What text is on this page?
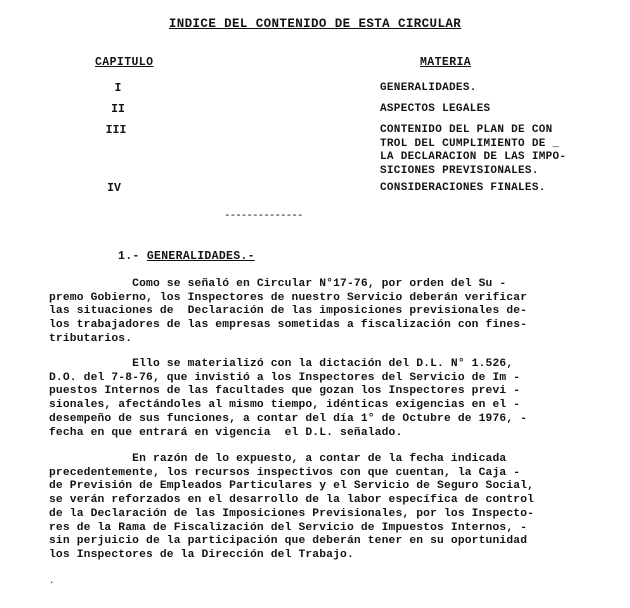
INDICE DEL CONTENIDO DE ESTA CIRCULAR
CAPITULO	MATERIA
I	GENERALIDADES.
II	ASPECTOS LEGALES
III	CONTENIDO DEL PLAN DE CON
TROL DEL CUMPLIMIENTO DE _
LA DECLARACION DE LAS IMPO-
SICIONES PREVISIONALES.
IV	CONSIDERACIONES FINALES.
--------------
1.- GENERALIDADES.-
Como se señaló en Circular N°17-76, por orden del Su -
premo Gobierno, los Inspectores de nuestro Servicio deberán verificar
las situaciones de  Declaración de las imposiciones previsionales de-
los trabajadores de las empresas sometidas a fiscalización con fines-
tributarios.
Ello se materializó con la dictación del D.L. N° 1.526,
D.O. del 7-8-76, que invistió a los Inspectores del Servicio de Im -
puestos Internos de las facultades que gozan los Inspectores previ -
sionales, afectándoles al mismo tiempo, idénticas exigencias en el -
desempeño de sus funciones, a contar del día 1° de Octubre de 1976, -
fecha en que entrará en vigencia  el D.L. señalado.
En razón de lo expuesto, a contar de la fecha indicada
precedentemente, los recursos inspectivos con que cuentan, la Caja -
de Previsión de Empleados Particulares y el Servicio de Seguro Social,
se verán reforzados en el desarrollo de la labor específica de control
de la Declaración de las Imposiciones Previsionales, por los Inspecto-
res de la Rama de Fiscalización del Servicio de Impuestos Internos, -
sin perjuicio de la participación que deberán tener en su oportunidad
los Inspectores de la Dirección del Trabajo.
·
